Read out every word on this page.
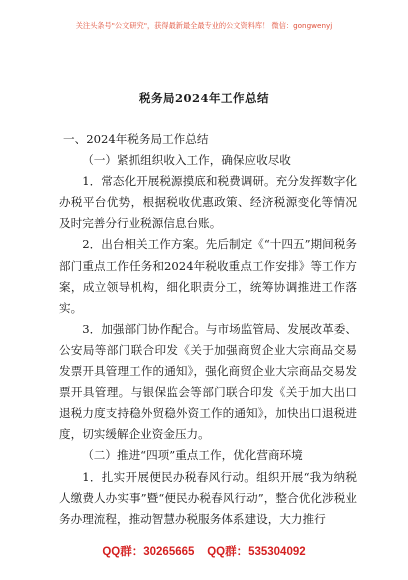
关注头条号"公文研究"，获得最新最全最专业的公文资料库！ 微信：gongwenyj
税务局2024年工作总结

一、2024年税务局工作总结

（一）紧抓组织收入工作，确保应收尽收

1．常态化开展税源摸底和税费调研。充分发挥数字化办税平台优势，根据税收优惠政策、经济税源变化等情况及时完善分行业税源信息台账。

2．出台相关工作方案。先后制定《“十四五”期间税务部门重点工作任务和2024年税收重点工作安排》等工作方案，成立领导机构，细化职责分工，统筹协调推进工作落实。

3．加强部门协作配合。与市场监管局、发展改革委、公安局等部门联合印发《关于加强商贸企业大宗商品交易发票开具管理工作的通知》，强化商贸企业大宗商品交易发票开具管理。与银保监会等部门联合印发《关于加大出口退税力度支持稳外贸稳外资工作的通知》，加快出口退税进度，切实缓解企业资金压力。

（二）推进“四项”重点工作，优化营商环境

1．扎实开展便民办税春风行动。组织开展“我为纳税人缴费人办实事”暨“便民办税春风行动”，整合优化涉税业务办理流程，推动智慧办税服务体系建设，大力推行

QQ群：30265665 QQ群：535304092
